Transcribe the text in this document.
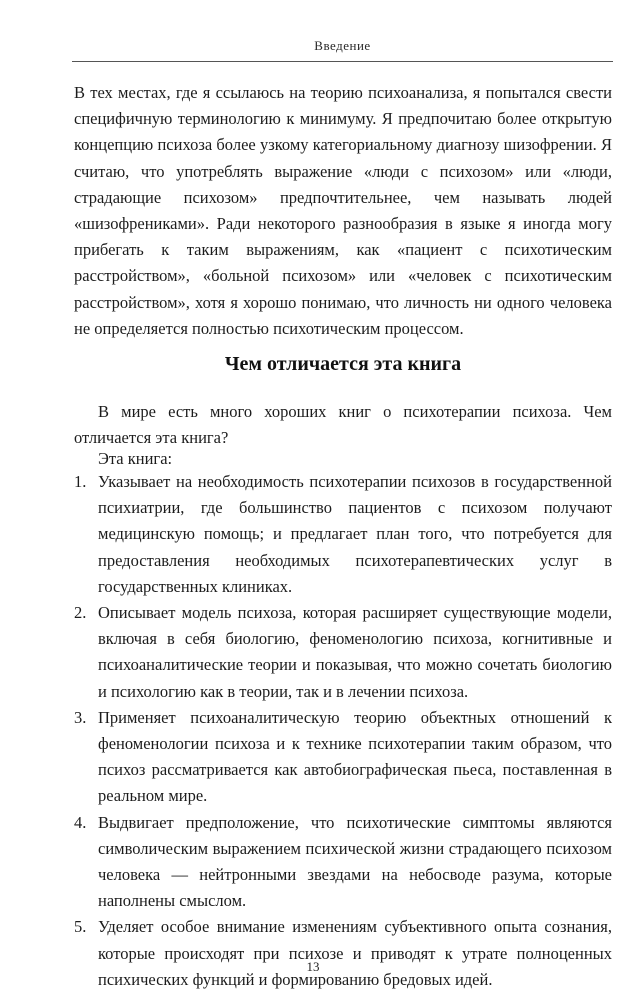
Введение

В тех местах, где я ссылаюсь на теорию психоанализа, я попытался свести специфичную терминологию к минимуму. Я предпочитаю более открытую концепцию психоза более узкому категориальному диагнозу шизофрении. Я считаю, что употреблять выражение «люди с психозом» или «люди, страдающие психозом» предпочтительнее, чем называть людей «шизофрениками». Ради некоторого разнообразия в языке я иногда могу прибегать к таким выражениям, как «пациент с психотическим расстройством», «больной психозом» или «человек с психотическим расстройством», хотя я хорошо понимаю, что личность ни одного человека не определяется полностью психотическим процессом.

Чем отличается эта книга

В мире есть много хороших книг о психотерапии психоза. Чем отличается эта книга?

Эта книга:

1. Указывает на необходимость психотерапии психозов в государственной психиатрии, где большинство пациентов с психозом получают медицинскую помощь; и предлагает план того, что потребуется для предоставления необходимых психотерапевтических услуг в государственных клиниках.
2. Описывает модель психоза, которая расширяет существующие модели, включая в себя биологию, феноменологию психоза, когнитивные и психоаналитические теории и показывая, что можно сочетать биологию и психологию как в теории, так и в лечении психоза.
3. Применяет психоаналитическую теорию объектных отношений к феноменологии психоза и к технике психотерапии таким образом, что психоз рассматривается как автобиографическая пьеса, поставленная в реальном мире.
4. Выдвигает предположение, что психотические симптомы являются символическим выражением психической жизни страдающего психозом человека — нейтронными звездами на небосводе разума, которые наполнены смыслом.
5. Уделяет особое внимание изменениям субъективного опыта сознания, которые происходят при психозе и приводят к утрате полноценных психических функций и формированию бредовых идей.
13
